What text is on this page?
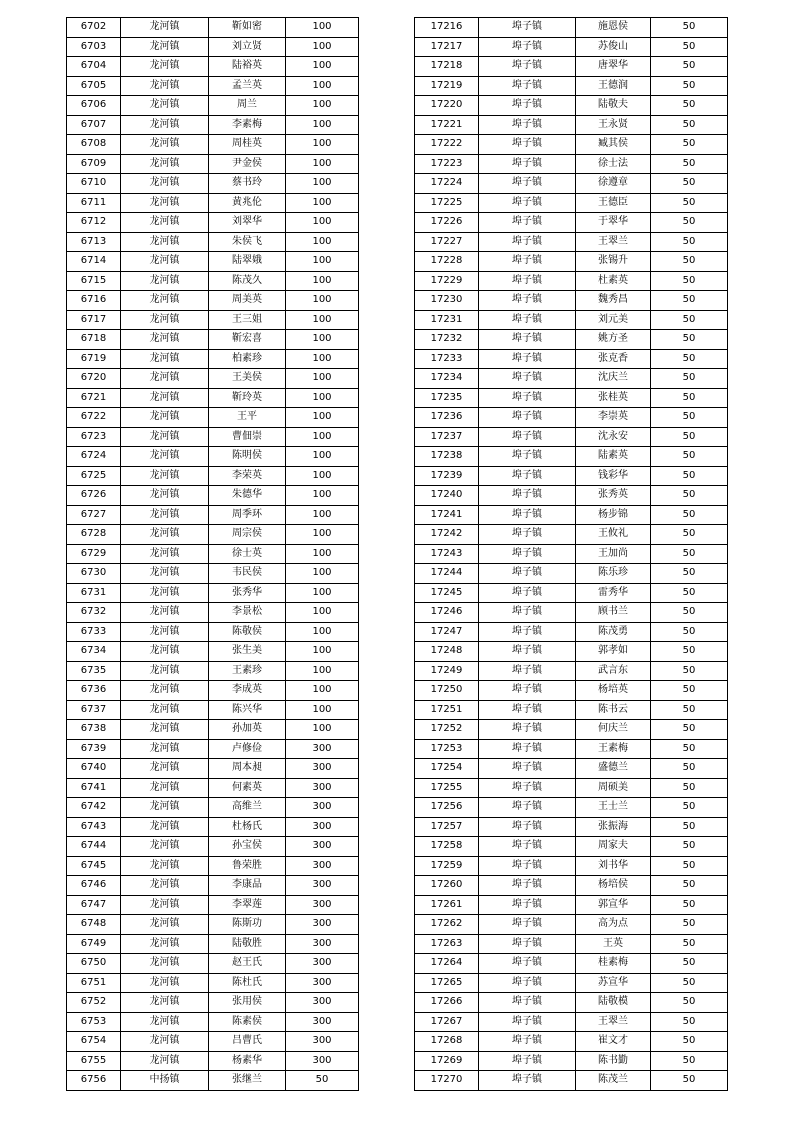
6702	龙河镇	靳如密	100
6703	龙河镇	刘立贤	100
6704	龙河镇	陆裕英	100
6705	龙河镇	孟兰英	100
6706	龙河镇	周兰	100
6707	龙河镇	李素梅	100
6708	龙河镇	周桂英	100
6709	龙河镇	尹金侯	100
6710	龙河镇	蔡书玲	100
6711	龙河镇	黄兆伦	100
6712	龙河镇	刘翠华	100
6713	龙河镇	朱侯飞	100
6714	龙河镇	陆翠娥	100
6715	龙河镇	陈茂久	100
6716	龙河镇	周美英	100
6717	龙河镇	王三姐	100
6718	龙河镇	靳宏喜	100
6719	龙河镇	柏素珍	100
6720	龙河镇	王美侯	100
6721	龙河镇	靳玲英	100
6722	龙河镇	王平	100
6723	龙河镇	曹佃崇	100
6724	龙河镇	陈明侯	100
6725	龙河镇	李荣英	100
6726	龙河镇	朱德华	100
6727	龙河镇	周季环	100
6728	龙河镇	周宗侯	100
6729	龙河镇	徐士英	100
6730	龙河镇	韦民侯	100
6731	龙河镇	张秀华	100
6732	龙河镇	李景松	100
6733	龙河镇	陈敬侯	100
6734	龙河镇	张生美	100
6735	龙河镇	王素珍	100
6736	龙河镇	李成英	100
6737	龙河镇	陈兴华	100
6738	龙河镇	孙加英	100
6739	龙河镇	卢修俭	300
6740	龙河镇	周本昶	300
6741	龙河镇	何素英	300
6742	龙河镇	高维兰	300
6743	龙河镇	杜杨氏	300
6744	龙河镇	孙宝侯	300
6745	龙河镇	鲁荣胜	300
6746	龙河镇	李康品	300
6747	龙河镇	李翠莲	300
6748	龙河镇	陈斯功	300
6749	龙河镇	陆敬胜	300
6750	龙河镇	赵王氏	300
6751	龙河镇	陈杜氏	300
6752	龙河镇	张用侯	300
6753	龙河镇	陈素侯	300
6754	龙河镇	吕曹氏	300
6755	龙河镇	杨素华	300
6756	中扬镇	张继兰	50
17216	埠子镇	施恩侯	50
17217	埠子镇	苏俊山	50
17218	埠子镇	唐翠华	50
17219	埠子镇	王德润	50
17220	埠子镇	陆敬夫	50
17221	埠子镇	王永贤	50
17222	埠子镇	臧其侯	50
17223	埠子镇	徐士法	50
17224	埠子镇	徐遵章	50
17225	埠子镇	王德臣	50
17226	埠子镇	于翠华	50
17227	埠子镇	王翠兰	50
17228	埠子镇	张锡升	50
17229	埠子镇	杜素英	50
17230	埠子镇	魏秀昌	50
17231	埠子镇	刘元美	50
17232	埠子镇	姚方圣	50
17233	埠子镇	张克香	50
17234	埠子镇	沈庆兰	50
17235	埠子镇	张桂英	50
17236	埠子镇	李崇英	50
17237	埠子镇	沈永安	50
17238	埠子镇	陆素英	50
17239	埠子镇	钱彩华	50
17240	埠子镇	张秀英	50
17241	埠子镇	杨步锦	50
17242	埠子镇	王攸礼	50
17243	埠子镇	王加尚	50
17244	埠子镇	陈乐珍	50
17245	埠子镇	雷秀华	50
17246	埠子镇	顾书兰	50
17247	埠子镇	陈茂勇	50
17248	埠子镇	郭孝如	50
17249	埠子镇	武言东	50
17250	埠子镇	杨培英	50
17251	埠子镇	陈书云	50
17252	埠子镇	何庆兰	50
17253	埠子镇	王素梅	50
17254	埠子镇	盛德兰	50
17255	埠子镇	周硕美	50
17256	埠子镇	王士兰	50
17257	埠子镇	张振海	50
17258	埠子镇	周家夫	50
17259	埠子镇	刘书华	50
17260	埠子镇	杨培侯	50
17261	埠子镇	郭宣华	50
17262	埠子镇	高为点	50
17263	埠子镇	王英	50
17264	埠子镇	桂素梅	50
17265	埠子镇	苏宣华	50
17266	埠子镇	陆敬模	50
17267	埠子镇	王翠兰	50
17268	埠子镇	崔文才	50
17269	埠子镇	陈书勤	50
17270	埠子镇	陈茂兰	50
